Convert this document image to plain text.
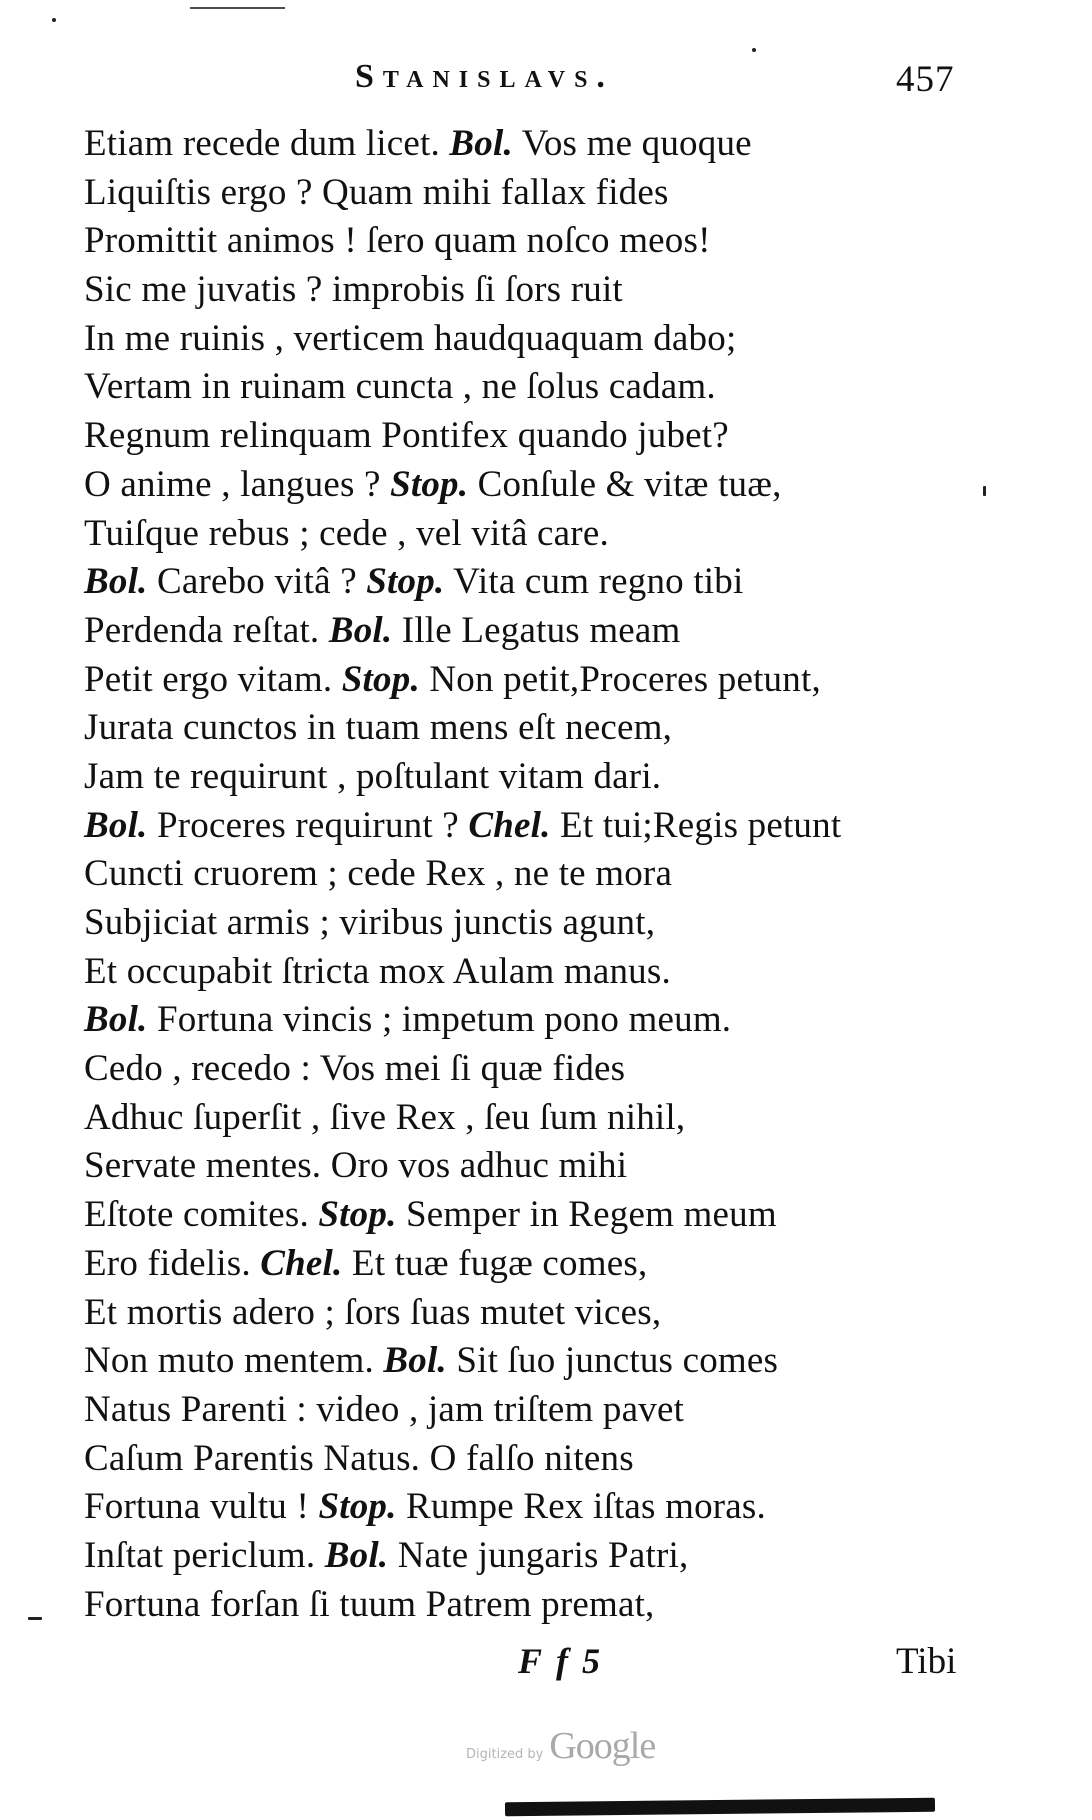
Stanislavs.	457
Etiam recede dum licet. Bol. Vos me quoque
Liquiſtis ergo ? Quam mihi fallax fides
Promittit animos ! ſero quam noſco meos!
Sic me juvatis ? improbis ſi ſors ruit
In me ruinis , verticem haudquaquam dabo;
Vertam in ruinam cuncta , ne ſolus cadam.
Regnum relinquam Pontifex quando jubet?
O anime , langues ? Stop. Conſule & vitæ tuæ,
Tuiſque rebus ; cede , vel vitâ care.
Bol. Carebo vitâ ? Stop. Vita cum regno tibi
Perdenda reſtat. Bol. Ille Legatus meam
Petit ergo vitam. Stop. Non petit,Proceres petunt,
Jurata cunctos in tuam mens eſt necem,
Jam te requirunt , poſtulant vitam dari.
Bol. Proceres requirunt ? Chel. Et tui;Regis petunt
Cuncti cruorem ; cede Rex , ne te mora
Subjiciat armis ; viribus junctis agunt,
Et occupabit ſtricta mox Aulam manus.
Bol. Fortuna vincis ; impetum pono meum.
Cedo , recedo : Vos mei ſi quæ fides
Adhuc ſuperſit , ſive Rex , ſeu ſum nihil,
Servate mentes. Oro vos adhuc mihi
Eſtote comites. Stop. Semper in Regem meum
Ero fidelis. Chel. Et tuæ fugæ comes,
Et mortis adero ; ſors ſuas mutet vices,
Non muto mentem. Bol. Sit ſuo junctus comes
Natus Parenti : video , jam triſtem pavet
Caſum Parentis Natus. O falſo nitens
Fortuna vultu ! Stop. Rumpe Rex iſtas moras.
Inſtat periclum. Bol. Nate jungaris Patri,
Fortuna forſan ſi tuum Patrem premat,
Ff5	Tibi
Digitized by Google
